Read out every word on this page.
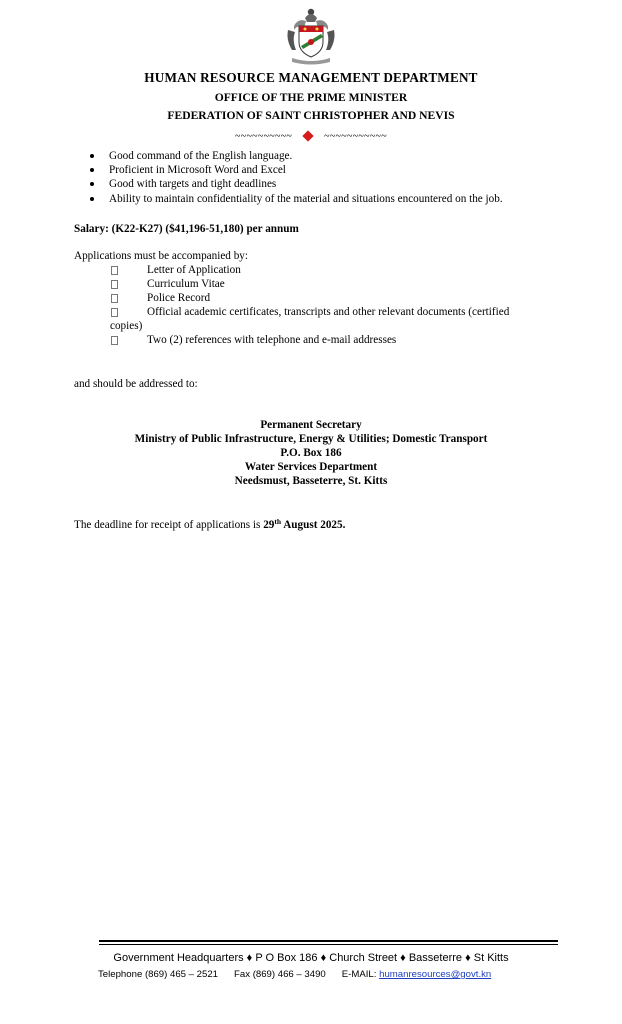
HUMAN RESOURCE MANAGEMENT DEPARTMENT
OFFICE OF THE PRIME MINISTER
FEDERATION OF SAINT CHRISTOPHER AND NEVIS
~~~~~~~~~~	~~~~~~~~~~~
Good command of the English language.
Proficient in Microsoft Word and Excel
Good with targets and tight deadlines
Ability to maintain confidentiality of the material and situations encountered on the job.
Salary: (K22-K27) ($41,196-51,180) per annum
Applications must be accompanied by:
Letter of Application
Curriculum Vitae
Police Record
Official academic certificates, transcripts and other relevant documents (certified
copies)
Two (2) references with telephone and e-mail addresses
and should be addressed to:
Permanent Secretary
Ministry of Public Infrastructure, Energy & Utilities; Domestic Transport
P.O. Box 186
Water Services Department
Needsmust, Basseterre, St. Kitts
The deadline for receipt of applications is 29th August 2025.
Government Headquarters ♦ P O Box 186 ♦ Church Street ♦ Basseterre ♦ St Kitts
Telephone (869) 465 – 2521 Fax (869) 466 – 3490 E-MAIL: humanresources@govt.kn
